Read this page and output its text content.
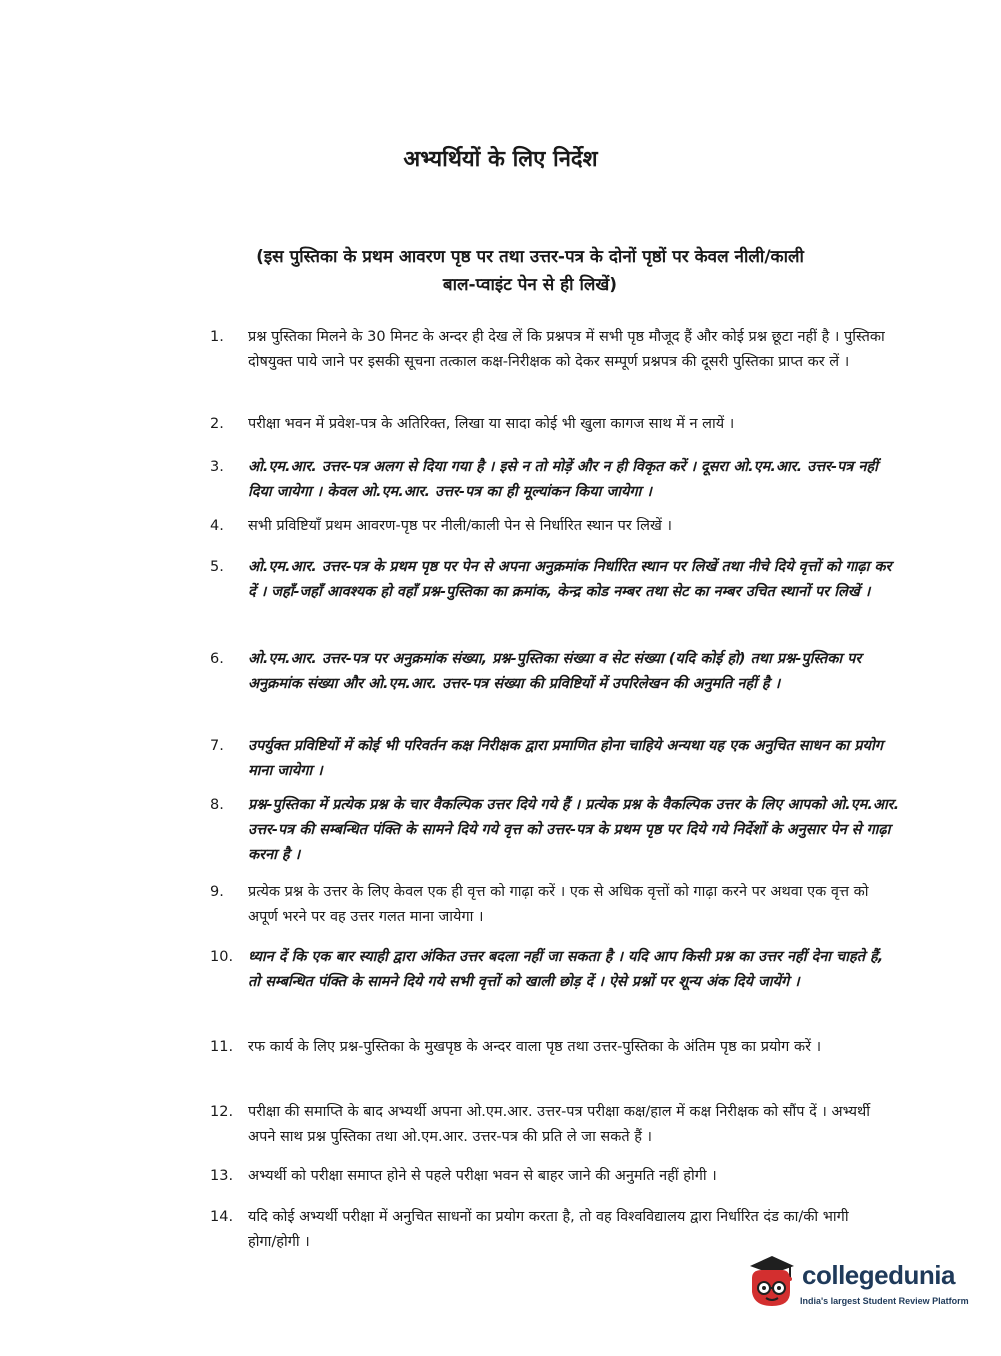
अभ्यर्थियों के लिए निर्देश
(इस पुस्तिका के प्रथम आवरण पृष्ठ पर तथा उत्तर-पत्र के दोनों पृष्ठों पर केवल नीली/काली बाल-प्वाइंट पेन से ही लिखें)
1.	प्रश्न पुस्तिका मिलने के 30 मिनट के अन्दर ही देख लें कि प्रश्नपत्र में सभी पृष्ठ मौजूद हैं और कोई प्रश्न छूटा नहीं है । पुस्तिका दोषयुक्त पाये जाने पर इसकी सूचना तत्काल कक्ष-निरीक्षक को देकर सम्पूर्ण प्रश्नपत्र की दूसरी पुस्तिका प्राप्त कर लें ।
2.	परीक्षा भवन में प्रवेश-पत्र के अतिरिक्त, लिखा या सादा कोई भी खुला कागज साथ में न लायें ।
3.	ओ.एम.आर. उत्तर-पत्र अलग से दिया गया है । इसे न तो मोड़ें और न ही विकृत करें । दूसरा ओ.एम.आर. उत्तर-पत्र नहीं दिया जायेगा । केवल ओ.एम.आर. उत्तर-पत्र का ही मूल्यांकन किया जायेगा ।
4.	सभी प्रविष्टियाँ प्रथम आवरण-पृष्ठ पर नीली/काली पेन से निर्धारित स्थान पर लिखें ।
5.	ओ.एम.आर. उत्तर-पत्र के प्रथम पृष्ठ पर पेन से अपना अनुक्रमांक निर्धारित स्थान पर लिखें तथा नीचे दिये वृत्तों को गाढ़ा कर दें । जहाँ-जहाँ आवश्यक हो वहाँ प्रश्न-पुस्तिका का क्रमांक, केन्द्र कोड नम्बर तथा सेट का नम्बर उचित स्थानों पर लिखें ।
6.	ओ.एम.आर. उत्तर-पत्र पर अनुक्रमांक संख्या, प्रश्न-पुस्तिका संख्या व सेट संख्या (यदि कोई हो) तथा प्रश्न-पुस्तिका पर अनुक्रमांक संख्या और ओ.एम.आर. उत्तर-पत्र संख्या की प्रविष्टियों में उपरिलेखन की अनुमति नहीं है ।
7.	उपर्युक्त प्रविष्टियों में कोई भी परिवर्तन कक्ष निरीक्षक द्वारा प्रमाणित होना चाहिये अन्यथा यह एक अनुचित साधन का प्रयोग माना जायेगा ।
8.	प्रश्न-पुस्तिका में प्रत्येक प्रश्न के चार वैकल्पिक उत्तर दिये गये हैं । प्रत्येक प्रश्न के वैकल्पिक उत्तर के लिए आपको ओ.एम.आर. उत्तर-पत्र की सम्बन्धित पंक्ति के सामने दिये गये वृत्त को उत्तर-पत्र के प्रथम पृष्ठ पर दिये गये निर्देशों के अनुसार पेन से गाढ़ा करना है ।
9.	प्रत्येक प्रश्न के उत्तर के लिए केवल एक ही वृत्त को गाढ़ा करें । एक से अधिक वृत्तों को गाढ़ा करने पर अथवा एक वृत्त को अपूर्ण भरने पर वह उत्तर गलत माना जायेगा ।
10.	ध्यान दें कि एक बार स्याही द्वारा अंकित उत्तर बदला नहीं जा सकता है । यदि आप किसी प्रश्न का उत्तर नहीं देना चाहते हैं, तो सम्बन्धित पंक्ति के सामने दिये गये सभी वृत्तों को खाली छोड़ दें । ऐसे प्रश्नों पर शून्य अंक दिये जायेंगे ।
11.	रफ कार्य के लिए प्रश्न-पुस्तिका के मुखपृष्ठ के अन्दर वाला पृष्ठ तथा उत्तर-पुस्तिका के अंतिम पृष्ठ का प्रयोग करें ।
12.	परीक्षा की समाप्ति के बाद अभ्यर्थी अपना ओ.एम.आर. उत्तर-पत्र परीक्षा कक्ष/हाल में कक्ष निरीक्षक को सौंप दें । अभ्यर्थी अपने साथ प्रश्न पुस्तिका तथा ओ.एम.आर. उत्तर-पत्र की प्रति ले जा सकते हैं ।
13.	अभ्यर्थी को परीक्षा समाप्त होने से पहले परीक्षा भवन से बाहर जाने की अनुमति नहीं होगी ।
14.	यदि कोई अभ्यर्थी परीक्षा में अनुचित साधनों का प्रयोग करता है, तो वह विश्वविद्यालय द्वारा निर्धारित दंड का/की भागी होगा/होगी ।
collegedunia
India's largest Student Review Platform
